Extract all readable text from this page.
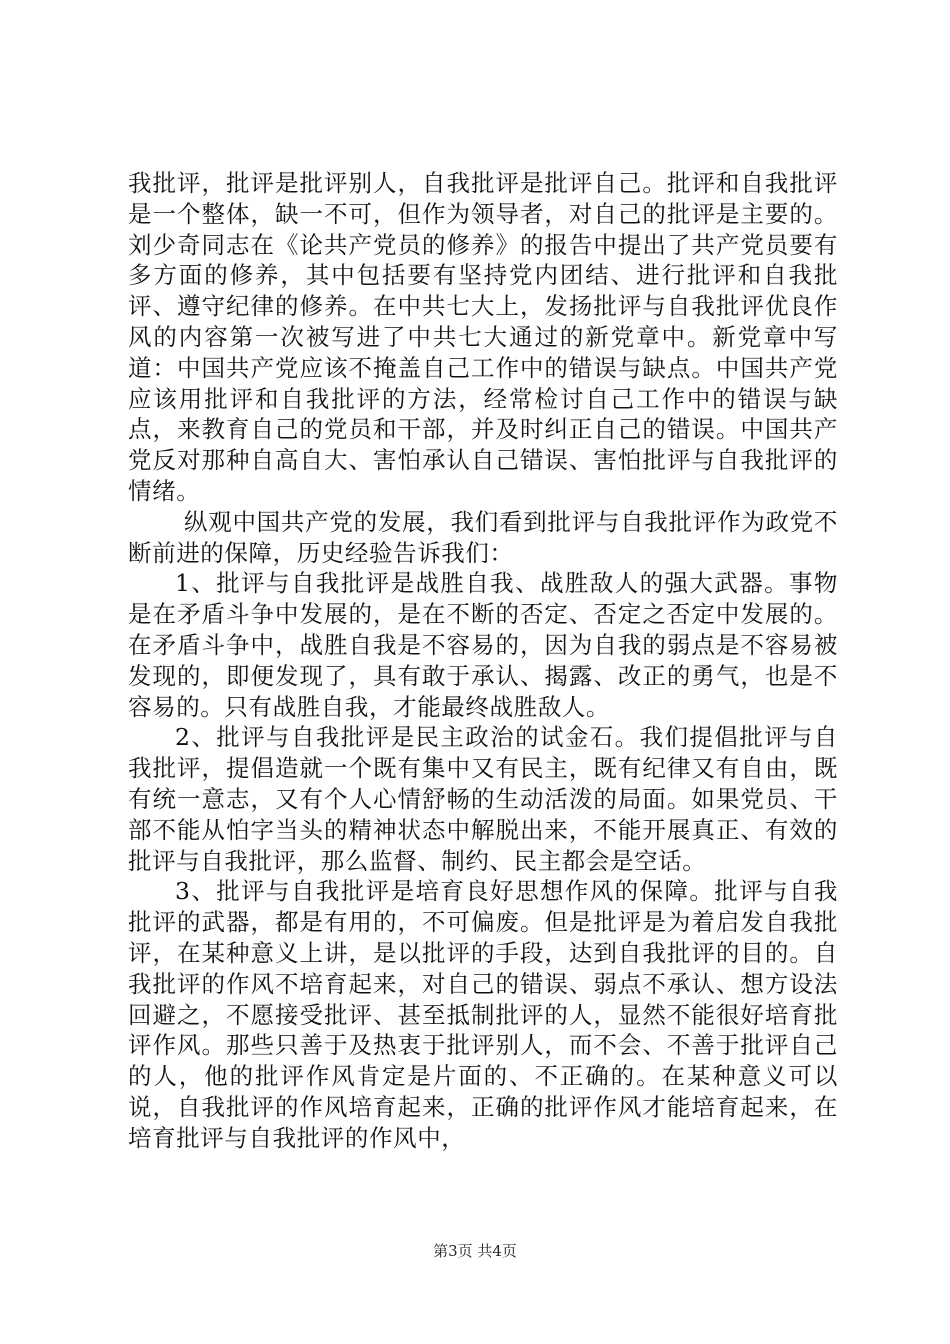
我批评，批评是批评别人，自我批评是批评自己。批评和自我批评是一个整体，缺一不可，但作为领导者，对自己的批评是主要的。刘少奇同志在《论共产党员的修养》的报告中提出了共产党员要有多方面的修养，其中包括要有坚持党内团结、进行批评和自我批评、遵守纪律的修养。在中共七大上，发扬批评与自我批评优良作风的内容第一次被写进了中共七大通过的新党章中。新党章中写道：中国共产党应该不掩盖自己工作中的错误与缺点。中国共产党应该用批评和自我批评的方法，经常检讨自己工作中的错误与缺点，来教育自己的党员和干部，并及时纠正自己的错误。中国共产党反对那种自高自大、害怕承认自己错误、害怕批评与自我批评的情绪。

纵观中国共产党的发展，我们看到批评与自我批评作为政党不断前进的保障，历史经验告诉我们：

1、批评与自我批评是战胜自我、战胜敌人的强大武器。事物是在矛盾斗争中发展的，是在不断的否定、否定之否定中发展的。在矛盾斗争中，战胜自我是不容易的，因为自我的弱点是不容易被发现的，即便发现了，具有敢于承认、揭露、改正的勇气，也是不容易的。只有战胜自我，才能最终战胜敌人。

2、批评与自我批评是民主政治的试金石。我们提倡批评与自我批评，提倡造就一个既有集中又有民主，既有纪律又有自由，既有统一意志，又有个人心情舒畅的生动活泼的局面。如果党员、干部不能从怕字当头的精神状态中解脱出来，不能开展真正、有效的批评与自我批评，那么监督、制约、民主都会是空话。

3、批评与自我批评是培育良好思想作风的保障。批评与自我批评的武器，都是有用的，不可偏废。但是批评是为着启发自我批评，在某种意义上讲，是以批评的手段，达到自我批评的目的。自我批评的作风不培育起来，对自己的错误、弱点不承认、想方设法回避之，不愿接受批评、甚至抵制批评的人，显然不能很好培育批评作风。那些只善于及热衷于批评别人，而不会、不善于批评自己的人，他的批评作风肯定是片面的、不正确的。在某种意义可以说，自我批评的作风培育起来，正确的批评作风才能培育起来，在培育批评与自我批评的作风中，

第3页 共4页
